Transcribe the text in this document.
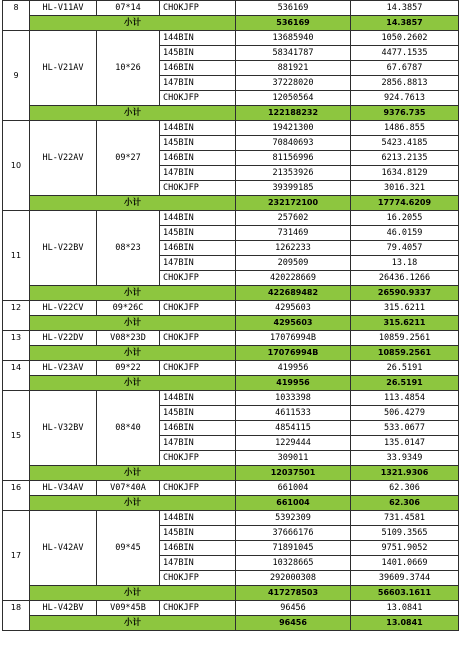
8	HL-V11AV	07*14	CHOKJFP	536169	14.3857
	小计			536169	14.3857
9	HL-V21AV	10*26	144BIN	13685940	1050.2602
			145BIN	58341787	4477.1535
			146BIN	881921	67.6787
			147BIN	37228020	2856.8813
			CHOKJFP	12050564	924.7613
	小计			122188232	9376.735
10	HL-V22AV	09*27	144BIN	19421300	1486.855
			145BIN	70840693	5423.4185
			146BIN	81156996	6213.2135
			147BIN	21353926	1634.8129
			CHOKJFP	39399185	3016.321
	小计			232172100	17774.6209
11	HL-V22BV	08*23	144BIN	257602	16.2055
			145BIN	731469	46.0159
			146BIN	1262233	79.4057
			147BIN	209509	13.18
			CHOKJFP	420228669	26436.1266
	小计			422689482	26590.9337
12	HL-V22CV	09*26C	CHOKJFP	4295603	315.6211
	小计			4295603	315.6211
13	HL-V22DV	V08*23D	CHOKJFP	17076994B	10859.2561
	小计			17076994B	10859.2561
14	HL-V23AV	09*22	CHOKJFP	419956	26.5191
	小计			419956	26.5191
15	HL-V32BV	08*40	144BIN	1033398	113.4854
			145BIN	4611533	506.4279
			146BIN	4854115	533.0677
			147BIN	1229444	135.0147
			CHOKJFP	309011	33.9349
	小计			12037501	1321.9306
16	HL-V34AV	V07*40A	CHOKJFP	661004	62.306
	小计			661004	62.306
17	HL-V42AV	09*45	144BIN	5392309	731.4581
			145BIN	37666176	5109.3565
			146BIN	71891045	9751.9052
			147BIN	10328665	1401.0669
			CHOKJFP	292000308	39609.3744
	小计			417278503	56603.1611
18	HL-V42BV	V09*45B	CHOKJFP	96456	13.0841
	小计			96456	13.0841
